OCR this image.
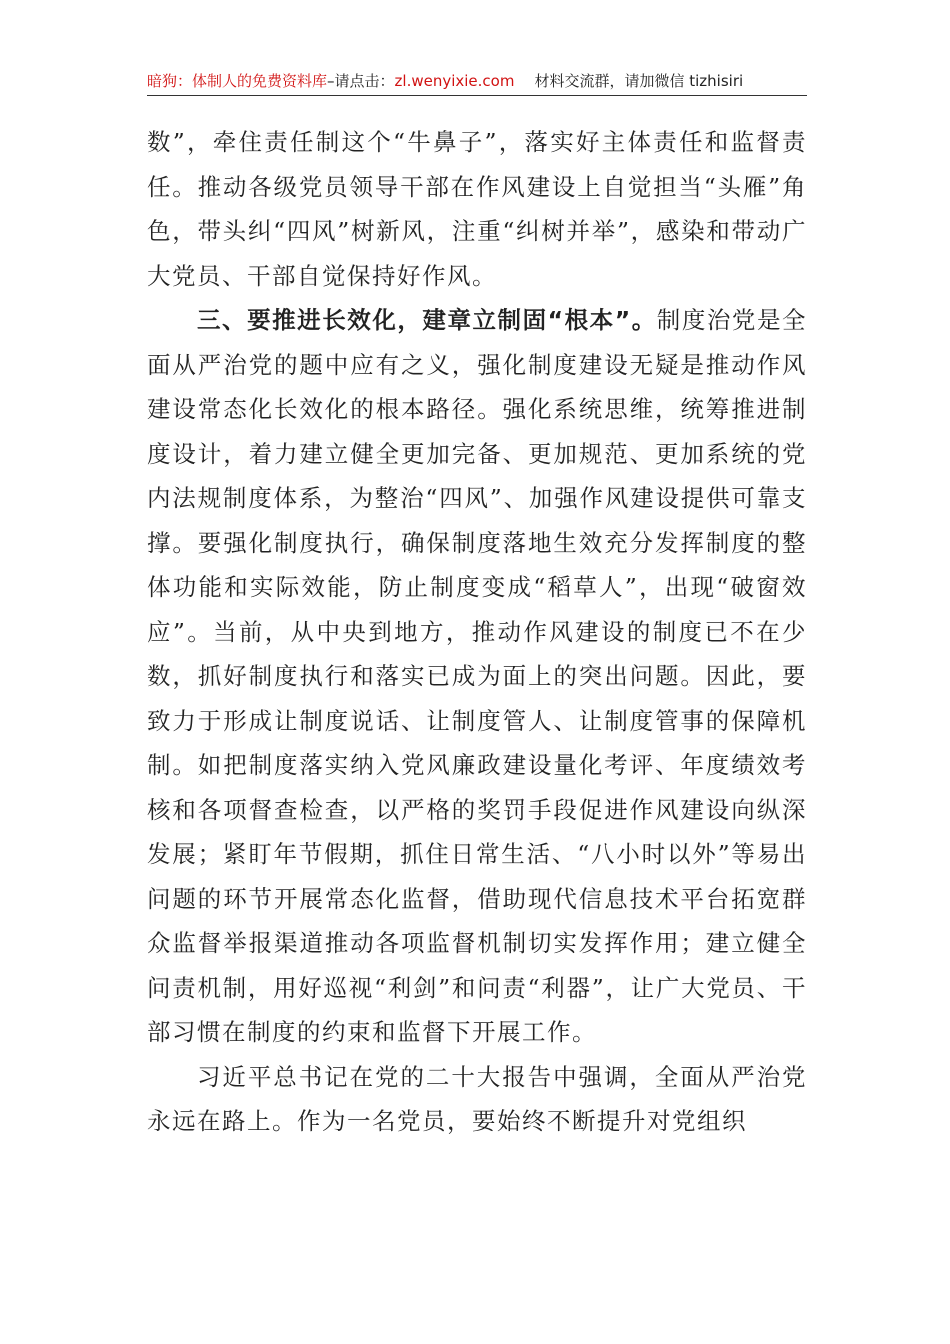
暗狗：体制人的免费资料库–请点击：zl.wenyixie.com 材料交流群，请加微信 tizhisiri

数”，牵住责任制这个“牛鼻子”，落实好主体责任和监督责任。推动各级党员领导干部在作风建设上自觉担当“头雁”角色，带头纠“四风”树新风，注重“纠树并举”，感染和带动广大党员、干部自觉保持好作风。

三、要推进长效化，建章立制固“根本”。制度治党是全面从严治党的题中应有之义，强化制度建设无疑是推动作风建设常态化长效化的根本路径。强化系统思维，统筹推进制度设计，着力建立健全更加完备、更加规范、更加系统的党内法规制度体系，为整治“四风”、加强作风建设提供可靠支撑。要强化制度执行，确保制度落地生效充分发挥制度的整体功能和实际效能，防止制度变成“稻草人”，出现“破窗效应”。当前，从中央到地方，推动作风建设的制度已不在少数，抓好制度执行和落实已成为面上的突出问题。因此，要致力于形成让制度说话、让制度管人、让制度管事的保障机制。如把制度落实纳入党风廉政建设量化考评、年度绩效考核和各项督查检查，以严格的奖罚手段促进作风建设向纵深发展；紧盯年节假期，抓住日常生活、“八小时以外”等易出问题的环节开展常态化监督，借助现代信息技术平台拓宽群众监督举报渠道推动各项监督机制切实发挥作用；建立健全问责机制，用好巡视“利剑”和问责“利器”，让广大党员、干部习惯在制度的约束和监督下开展工作。

习近平总书记在党的二十大报告中强调，全面从严治党永远在路上。作为一名党员，要始终不断提升对党组织
